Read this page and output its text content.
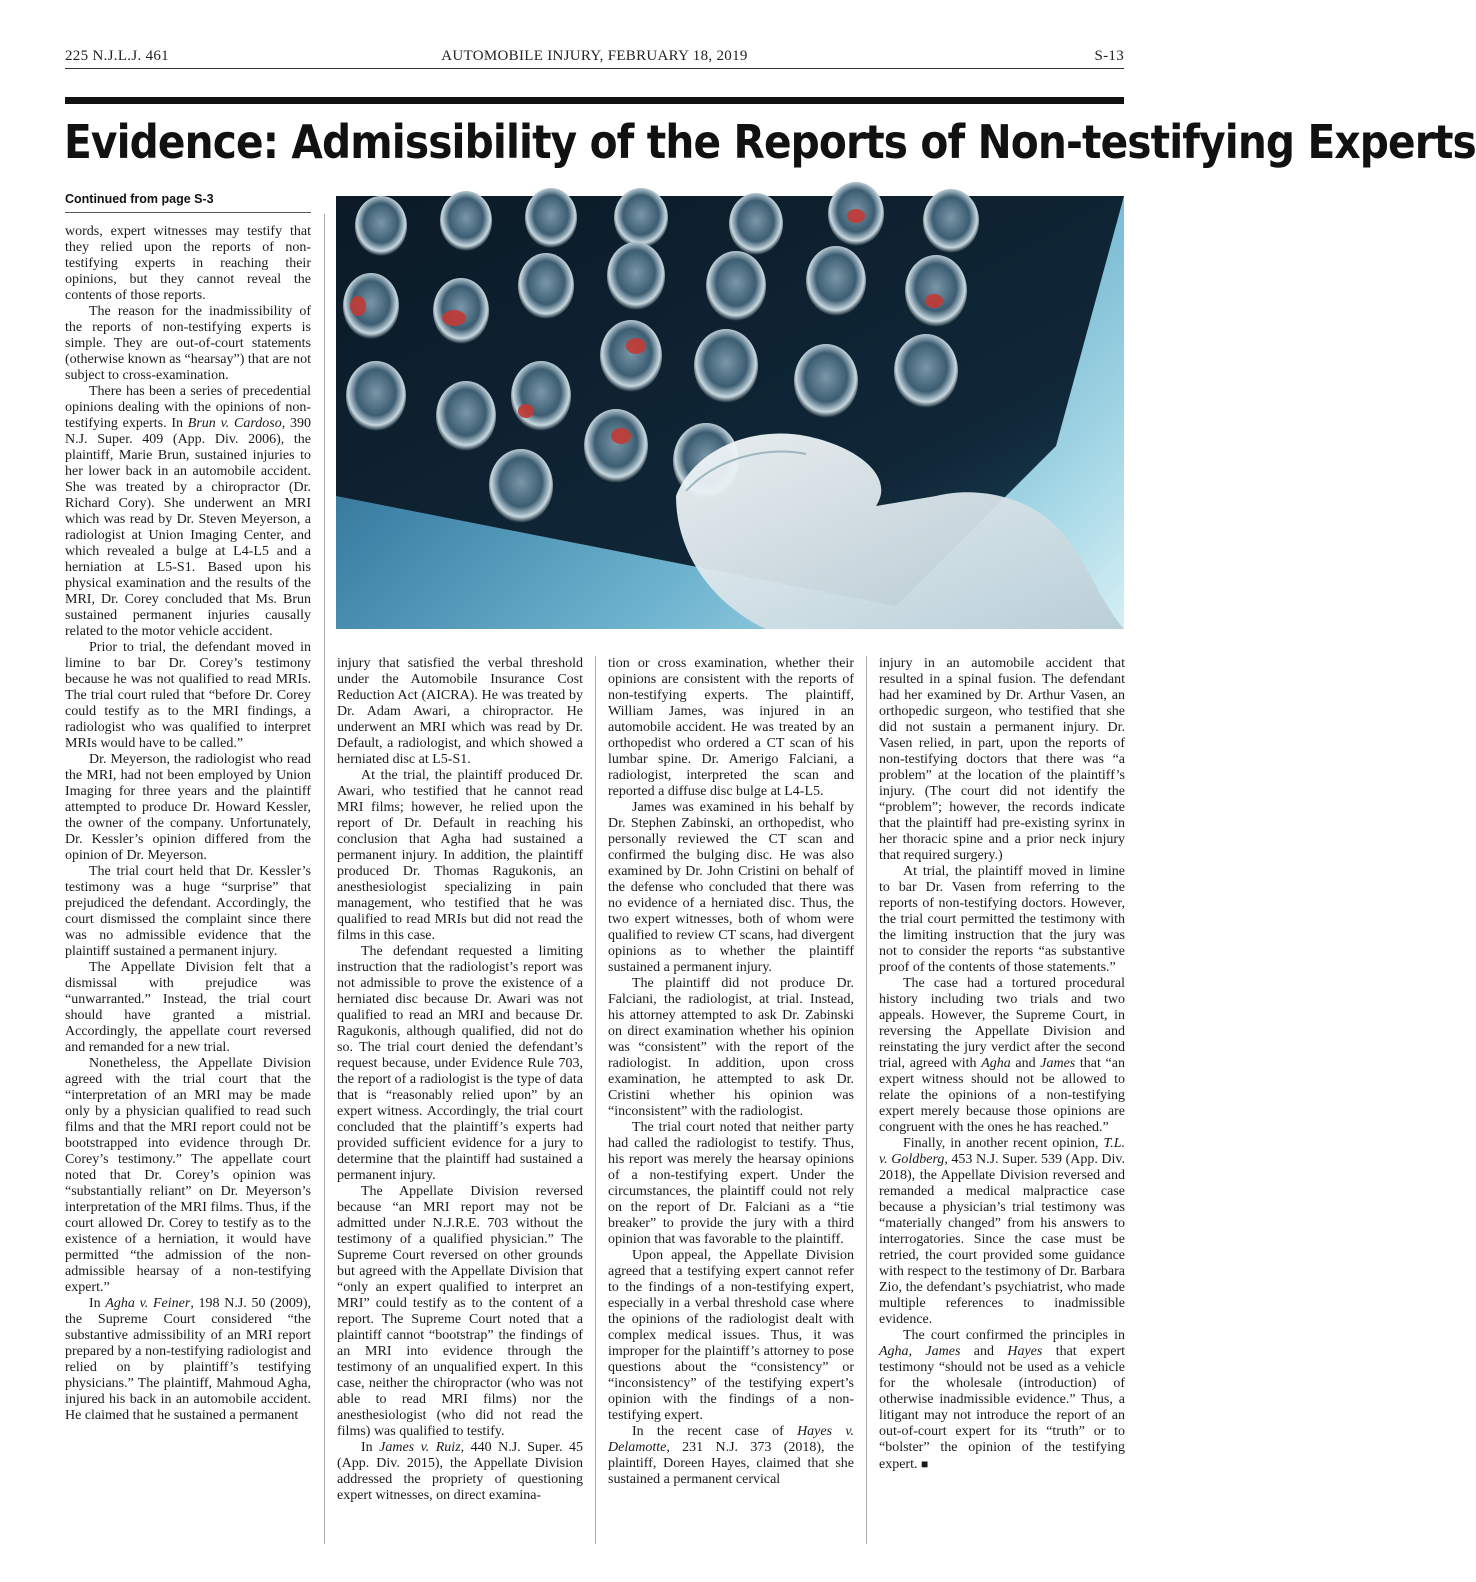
225 N.J.L.J. 461	AUTOMOBILE INJURY, FEBRUARY 18, 2019	S-13
Evidence: Admissibility of the Reports of Non-testifying Experts
Continued from page S-3

words, expert witnesses may testify that they relied upon the reports of non-testifying experts in reaching their opinions, but they cannot reveal the contents of those reports.

The reason for the inadmissibility of the reports of non-testifying experts is simple. They are out-of-court statements (otherwise known as “hearsay”) that are not subject to cross-examination.

There has been a series of precedential opinions dealing with the opinions of non-testifying experts. In Brun v. Cardoso, 390 N.J. Super. 409 (App. Div. 2006), the plaintiff, Marie Brun, sustained injuries to her lower back in an automobile accident. She was treated by a chiropractor (Dr. Richard Cory). She underwent an MRI which was read by Dr. Steven Meyerson, a radiologist at Union Imaging Center, and which revealed a bulge at L4-L5 and a herniation at L5-S1. Based upon his physical examination and the results of the MRI, Dr. Corey concluded that Ms. Brun sustained permanent injuries causally related to the motor vehicle accident.

Prior to trial, the defendant moved in limine to bar Dr. Corey’s testimony because he was not qualified to read MRIs. The trial court ruled that “before Dr. Corey could testify as to the MRI findings, a radiologist who was qualified to interpret MRIs would have to be called.”

Dr. Meyerson, the radiologist who read the MRI, had not been employed by Union Imaging for three years and the plaintiff attempted to produce Dr. Howard Kessler, the owner of the company. Unfortunately, Dr. Kessler’s opinion differed from the opinion of Dr. Meyerson.

The trial court held that Dr. Kessler’s testimony was a huge “surprise” that prejudiced the defendant. Accordingly, the court dismissed the complaint since there was no admissible evidence that the plaintiff sustained a permanent injury.

The Appellate Division felt that a dismissal with prejudice was “unwarranted.” Instead, the trial court should have granted a mistrial. Accordingly, the appellate court reversed and remanded for a new trial.

Nonetheless, the Appellate Division agreed with the trial court that the “interpretation of an MRI may be made only by a physician qualified to read such films and that the MRI report could not be bootstrapped into evidence through Dr. Corey’s testimony.” The appellate court noted that Dr. Corey’s opinion was “substantially reliant” on Dr. Meyerson’s interpretation of the MRI films. Thus, if the court allowed Dr. Corey to testify as to the existence of a herniation, it would have permitted “the admission of the non-admissible hearsay of a non-testifying expert.”

In Agha v. Feiner, 198 N.J. 50 (2009), the Supreme Court considered “the substantive admissibility of an MRI report prepared by a non-testifying radiologist and relied on by plaintiff’s testifying physicians.” The plaintiff, Mahmoud Agha, injured his back in an automobile accident. He claimed that he sustained a permanent

injury that satisfied the verbal threshold under the Automobile Insurance Cost Reduction Act (AICRA). He was treated by Dr. Adam Awari, a chiropractor. He underwent an MRI which was read by Dr. Default, a radiologist, and which showed a herniated disc at L5-S1.

At the trial, the plaintiff produced Dr. Awari, who testified that he cannot read MRI films; however, he relied upon the report of Dr. Default in reaching his conclusion that Agha had sustained a permanent injury. In addition, the plaintiff produced Dr. Thomas Ragukonis, an anesthesiologist specializing in pain management, who testified that he was qualified to read MRIs but did not read the films in this case.

The defendant requested a limiting instruction that the radiologist’s report was not admissible to prove the existence of a herniated disc because Dr. Awari was not qualified to read an MRI and because Dr. Ragukonis, although qualified, did not do so. The trial court denied the defendant’s request because, under Evidence Rule 703, the report of a radiologist is the type of data that is “reasonably relied upon” by an expert witness. Accordingly, the trial court concluded that the plaintiff’s experts had provided sufficient evidence for a jury to determine that the plaintiff had sustained a permanent injury.

The Appellate Division reversed because “an MRI report may not be admitted under N.J.R.E. 703 without the testimony of a qualified physician.” The Supreme Court reversed on other grounds but agreed with the Appellate Division that “only an expert qualified to interpret an MRI” could testify as to the content of a report. The Supreme Court noted that a plaintiff cannot “bootstrap” the findings of an MRI into evidence through the testimony of an unqualified expert. In this case, neither the chiropractor (who was not able to read MRI films) nor the anesthesiologist (who did not read the films) was qualified to testify.

In James v. Ruiz, 440 N.J. Super. 45 (App. Div. 2015), the Appellate Division addressed the propriety of questioning expert witnesses, on direct examina-

tion or cross examination, whether their opinions are consistent with the reports of non-testifying experts. The plaintiff, William James, was injured in an automobile accident. He was treated by an orthopedist who ordered a CT scan of his lumbar spine. Dr. Amerigo Falciani, a radiologist, interpreted the scan and reported a diffuse disc bulge at L4-L5.

James was examined in his behalf by Dr. Stephen Zabinski, an orthopedist, who personally reviewed the CT scan and confirmed the bulging disc. He was also examined by Dr. John Cristini on behalf of the defense who concluded that there was no evidence of a herniated disc. Thus, the two expert witnesses, both of whom were qualified to review CT scans, had divergent opinions as to whether the plaintiff sustained a permanent injury.

The plaintiff did not produce Dr. Falciani, the radiologist, at trial. Instead, his attorney attempted to ask Dr. Zabinski on direct examination whether his opinion was “consistent” with the report of the radiologist. In addition, upon cross examination, he attempted to ask Dr. Cristini whether his opinion was “inconsistent” with the radiologist.

The trial court noted that neither party had called the radiologist to testify. Thus, his report was merely the hearsay opinions of a non-testifying expert. Under the circumstances, the plaintiff could not rely on the report of Dr. Falciani as a “tie breaker” to provide the jury with a third opinion that was favorable to the plaintiff.

Upon appeal, the Appellate Division agreed that a testifying expert cannot refer to the findings of a non-testifying expert, especially in a verbal threshold case where the opinions of the radiologist dealt with complex medical issues. Thus, it was improper for the plaintiff’s attorney to pose questions about the “consistency” or “inconsistency” of the testifying expert’s opinion with the findings of a non-testifying expert.

In the recent case of Hayes v. Delamotte, 231 N.J. 373 (2018), the plaintiff, Doreen Hayes, claimed that she sustained a permanent cervical

injury in an automobile accident that resulted in a spinal fusion. The defendant had her examined by Dr. Arthur Vasen, an orthopedic surgeon, who testified that she did not sustain a permanent injury. Dr. Vasen relied, in part, upon the reports of non-testifying doctors that there was “a problem” at the location of the plaintiff’s injury. (The court did not identify the “problem”; however, the records indicate that the plaintiff had pre-existing syrinx in her thoracic spine and a prior neck injury that required surgery.)

At trial, the plaintiff moved in limine to bar Dr. Vasen from referring to the reports of non-testifying doctors. However, the trial court permitted the testimony with the limiting instruction that the jury was not to consider the reports “as substantive proof of the contents of those statements.”

The case had a tortured procedural history including two trials and two appeals. However, the Supreme Court, in reversing the Appellate Division and reinstating the jury verdict after the second trial, agreed with Agha and James that “an expert witness should not be allowed to relate the opinions of a non-testifying expert merely because those opinions are congruent with the ones he has reached.”

Finally, in another recent opinion, T.L. v. Goldberg, 453 N.J. Super. 539 (App. Div. 2018), the Appellate Division reversed and remanded a medical malpractice case because a physician’s trial testimony was “materially changed” from his answers to interrogatories. Since the case must be retried, the court provided some guidance with respect to the testimony of Dr. Barbara Zio, the defendant’s psychiatrist, who made multiple references to inadmissible evidence.

The court confirmed the principles in Agha, James and Hayes that expert testimony “should not be used as a vehicle for the wholesale (introduction) of otherwise inadmissible evidence.” Thus, a litigant may not introduce the report of an out-of-court expert for its “truth” or to “bolster” the opinion of the testifying expert. ■
